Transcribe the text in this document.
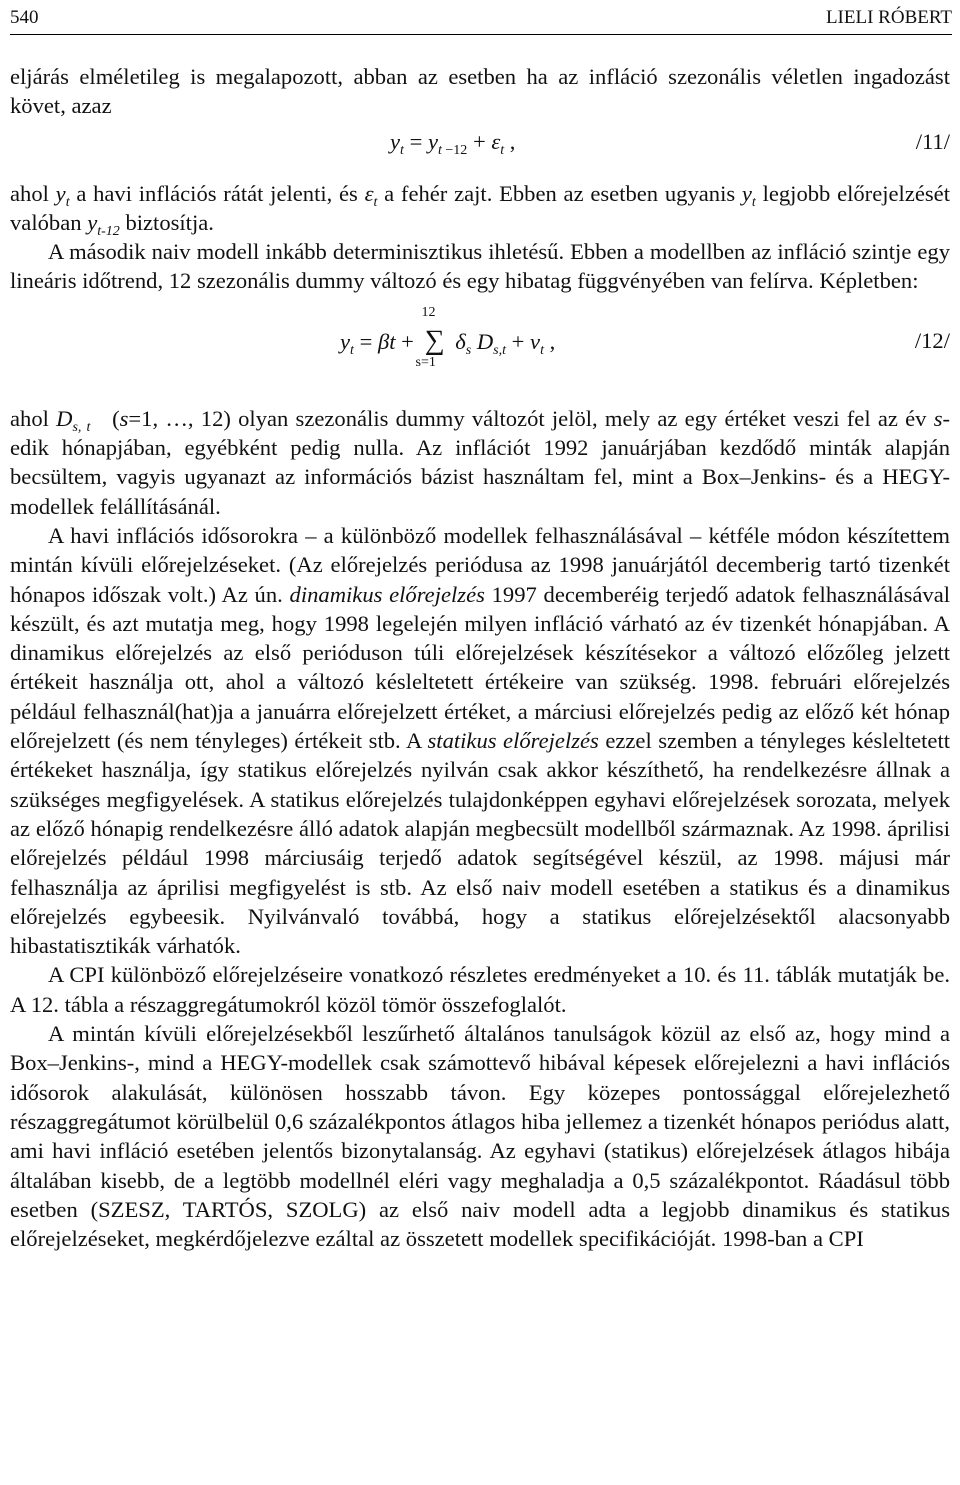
540	LIELI RÓBERT

eljárás elméletileg is megalapozott, abban az esetben ha az infláció szezonális véletlen ingadozást követ, azaz

$y_t = y_{t -12} + \varepsilon_t$ ,	/11/

ahol $y_t$ a havi inflációs rátát jelenti, és $\varepsilon_t$ a fehér zajt. Ebben az esetben ugyanis $y_t$ legjobb előrejelzését valóban $y_{t-12}$ biztosítja.

A második naiv modell inkább determinisztikus ihletésű. Ebben a modellben az infláció szintje egy lineáris időtrend, 12 szezonális dummy változó és egy hibatag függvényében van felírva. Képletben:

$y_t = \beta t$ +
12
∑
s=1
$\delta_s$ $D_{s,t} + \nu_t$ ,	/12/

ahol $D_{s, t}$ (s=1, …, 12) olyan szezonális dummy változót jelöl, mely az egy értéket veszi fel az év s-edik hónapjában, egyébként pedig nulla. Az inflációt 1992 januárjában kezdődő minták alapján becsültem, vagyis ugyanazt az információs bázist használtam fel, mint a Box–Jenkins- és a HEGY-modellek felállításánál.

A havi inflációs idősorokra – a különböző modellek felhasználásával – kétféle módon készítettem mintán kívüli előrejelzéseket. (Az előrejelzés periódusa az 1998 januárjától decemberig tartó tizenkét hónapos időszak volt.) Az ún. dinamikus előrejelzés 1997 decemberéig terjedő adatok felhasználásával készült, és azt mutatja meg, hogy 1998 legelején milyen infláció várható az év tizenkét hónapjában. A dinamikus előrejelzés az első perióduson túli előrejelzések készítésekor a változó előzőleg jelzett értékeit használja ott, ahol a változó késleltetett értékeire van szükség. 1998. februári előrejelzés például felhasznál(hat)ja a januárra előrejelzett értéket, a márciusi előrejelzés pedig az előző két hónap előrejelzett (és nem tényleges) értékeit stb. A statikus előrejelzés ezzel szemben a tényleges késleltetett értékeket használja, így statikus előrejelzés nyilván csak akkor készíthető, ha rendelkezésre állnak a szükséges megfigyelések. A statikus előrejelzés tulajdonképpen egyhavi előrejelzések sorozata, melyek az előző hónapig rendelkezésre álló adatok alapján megbecsült modellből származnak. Az 1998. áprilisi előrejelzés például 1998 márciusáig terjedő adatok segítségével készül, az 1998. májusi már felhasználja az áprilisi megfigyelést is stb. Az első naiv modell esetében a statikus és a dinamikus előrejelzés egybeesik. Nyilvánvaló továbbá, hogy a statikus előrejelzésektől alacsonyabb hibastatisztikák várhatók.

A CPI különböző előrejelzéseire vonatkozó részletes eredményeket a 10. és 11. táblák mutatják be. A 12. tábla a részaggregátumokról közöl tömör összefoglalót.

A mintán kívüli előrejelzésekből leszűrhető általános tanulságok közül az első az, hogy mind a Box–Jenkins-, mind a HEGY-modellek csak számottevő hibával képesek előrejelezni a havi inflációs idősorok alakulását, különösen hosszabb távon. Egy közepes pontossággal előrejelezhető részaggregátumot körülbelül 0,6 százalékpontos átlagos hiba jellemez a tizenkét hónapos periódus alatt, ami havi infláció esetében jelentős bizonytalanság. Az egyhavi (statikus) előrejelzések átlagos hibája általában kisebb, de a legtöbb modellnél eléri vagy meghaladja a 0,5 százalékpontot. Ráadásul több esetben (SZESZ, TARTÓS, SZOLG) az első naiv modell adta a legjobb dinamikus és statikus előrejelzéseket, megkérdőjelezve ezáltal az összetett modellek specifikációját. 1998-ban a CPI
